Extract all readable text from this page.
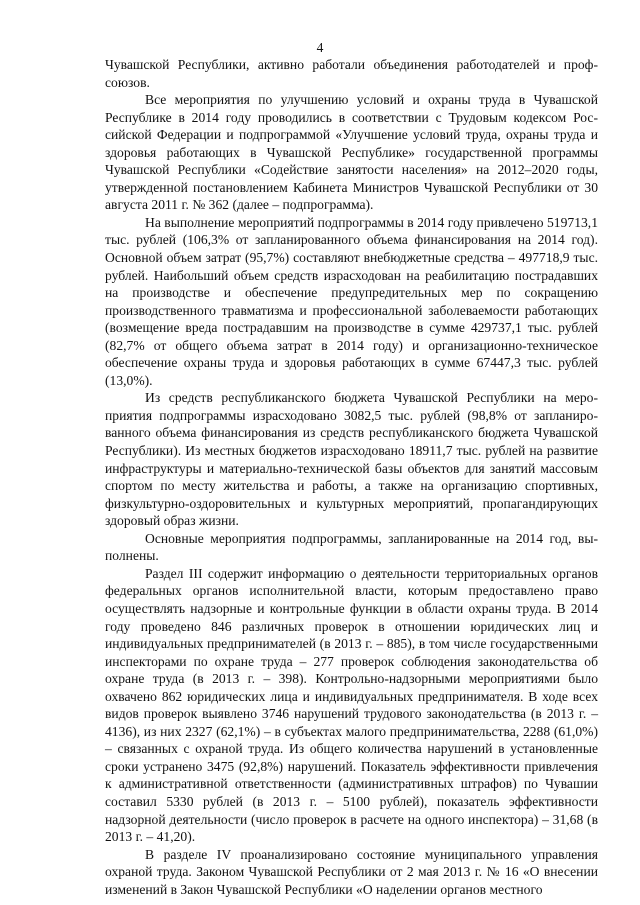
4

Чувашской Республики, активно работали объединения работодателей и профсоюзов.

Все мероприятия по улучшению условий и охраны труда в Чувашской Республике в 2014 году проводились в соответствии с Трудовым кодексом Российской Федерации и подпрограммой «Улучшение условий труда, охраны труда и здоровья работающих в Чувашской Республике» государственной программы Чувашской Республики «Содействие занятости населения» на 2012–2020 годы, утвержденной постановлением Кабинета Министров Чувашской Республики от 30 августа 2011 г. № 362 (далее – подпрограмма).

На выполнение мероприятий подпрограммы в 2014 году привлечено 519713,1 тыс. рублей (106,3% от запланированного объема финансирования на 2014 год). Основной объем затрат (95,7%) составляют внебюджетные средства – 497718,9 тыс. рублей. Наибольший объем средств израсходован на реабилитацию пострадавших на производстве и обеспечение предупредительных мер по сокращению производственного травматизма и профессиональной заболеваемости работающих (возмещение вреда пострадавшим на производстве в сумме 429737,1 тыс. рублей (82,7% от общего объема затрат в 2014 году) и организационно-техническое обеспечение охраны труда и здоровья работающих в сумме 67447,3 тыс. рублей (13,0%).

Из средств республиканского бюджета Чувашской Республики на мероприятия подпрограммы израсходовано 3082,5 тыс. рублей (98,8% от запланированного объема финансирования из средств республиканского бюджета Чувашской Республики). Из местных бюджетов израсходовано 18911,7 тыс. рублей на развитие инфраструктуры и материально-технической базы объектов для занятий массовым спортом по месту жительства и работы, а также на организацию спортивных, физкультурно-оздоровительных и культурных мероприятий, пропагандирующих здоровый образ жизни.

Основные мероприятия подпрограммы, запланированные на 2014 год, выполнены.

Раздел III содержит информацию о деятельности территориальных органов федеральных органов исполнительной власти, которым предоставлено право осуществлять надзорные и контрольные функции в области охраны труда. В 2014 году проведено 846 различных проверок в отношении юридических лиц и индивидуальных предпринимателей (в 2013 г. – 885), в том числе государственными инспекторами по охране труда – 277 проверок соблюдения законодательства об охране труда (в 2013 г. – 398). Контрольно-надзорными мероприятиями было охвачено 862 юридических лица и индивидуальных предпринимателя. В ходе всех видов проверок выявлено 3746 нарушений трудового законодательства (в 2013 г. – 4136), из них 2327 (62,1%) – в субъектах малого предпринимательства, 2288 (61,0%) – связанных с охраной труда. Из общего количества нарушений в установленные сроки устранено 3475 (92,8%) нарушений. Показатель эффективности привлечения к административной ответственности (административных штрафов) по Чувашии составил 5330 рублей (в 2013 г. – 5100 рублей), показатель эффективности надзорной деятельности (число проверок в расчете на одного инспектора) – 31,68 (в 2013 г. – 41,20).

В разделе IV проанализировано состояние муниципального управления охраной труда. Законом Чувашской Республики от 2 мая 2013 г. № 16 «О внесении изменений в Закон Чувашской Республики «О наделении органов местного
